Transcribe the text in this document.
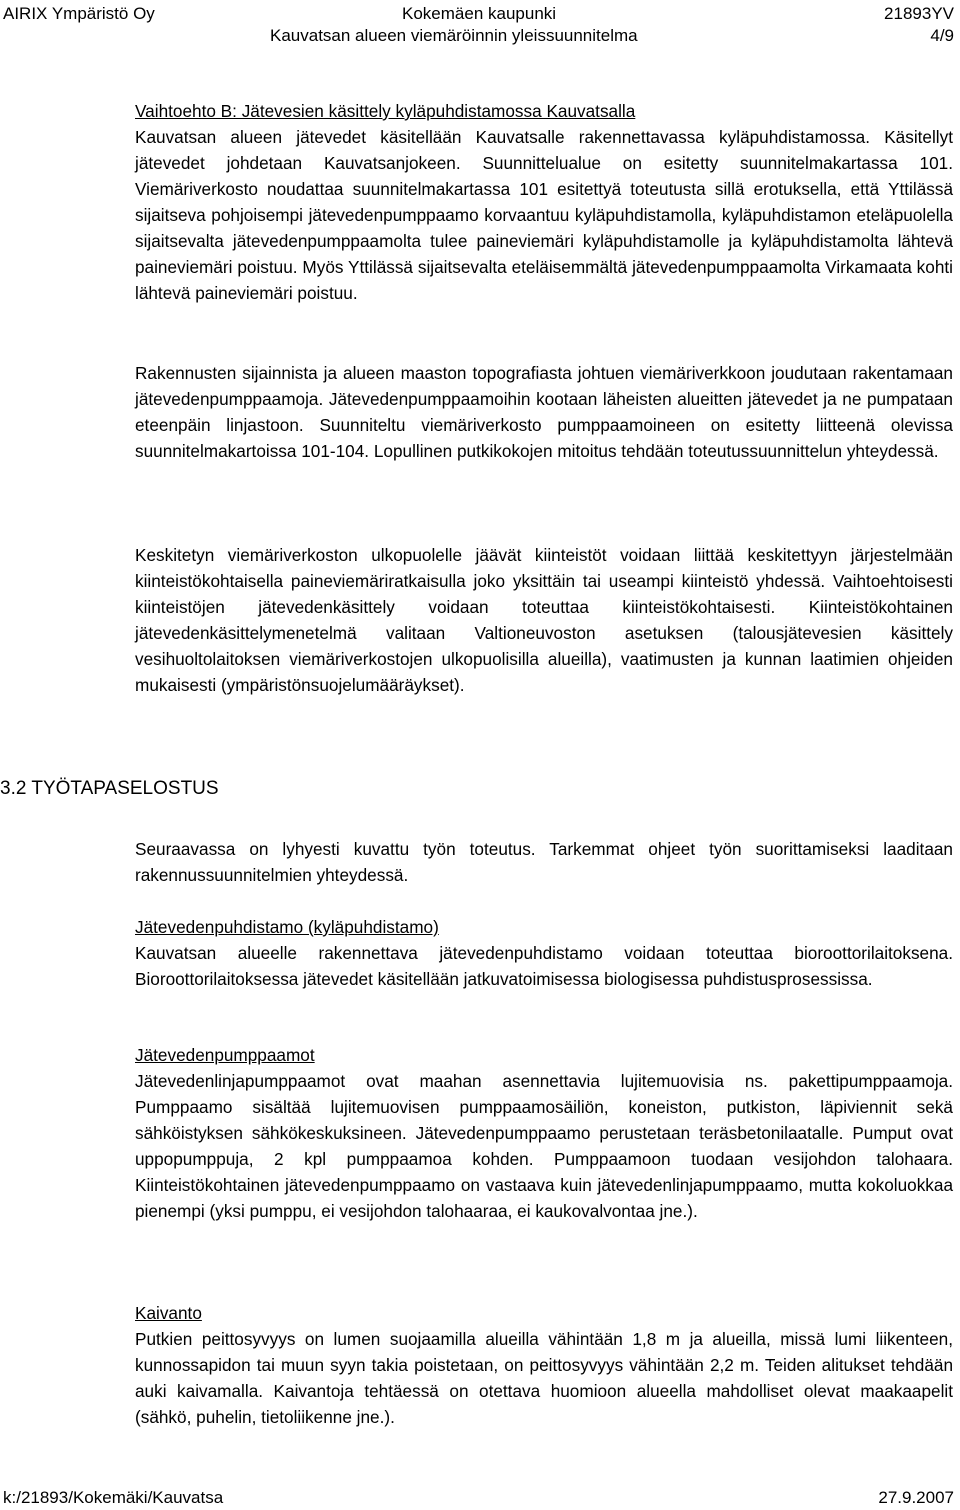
AIRIX Ympäristö Oy	Kokemäen kaupunki	21893YV
Kauvatsan alueen viemäröinnin yleissuunnitelma	4/9

Vaihtoehto B: Jätevesien käsittely kyläpuhdistamossa Kauvatsalla

Kauvatsan alueen jätevedet käsitellään Kauvatsalle rakennettavassa kyläpuhdistamossa. Käsitellyt jätevedet johdetaan Kauvatsanjokeen. Suunnittelualue on esitetty suunnitelmakartassa 101. Viemäriverkosto noudattaa suunnitelmakartassa 101 esitettyä toteutusta sillä erotuksella, että Yttilässä sijaitseva pohjoisempi jätevedenpumppaamo korvaantuu kyläpuhdistamolla, kyläpuhdistamon eteläpuolella sijaitsevalta jätevedenpumppaamolta tulee paineviemäri kyläpuhdistamolle ja kyläpuhdistamolta lähtevä paineviemäri poistuu. Myös Yttilässä sijaitsevalta eteläisemmältä jätevedenpumppaamolta Virkamaata kohti lähtevä paineviemäri poistuu.

Rakennusten sijainnista ja alueen maaston topografiasta johtuen viemäriverkkoon joudutaan rakentamaan jätevedenpumppaamoja. Jätevedenpumppaamoihin kootaan läheisten alueitten jätevedet ja ne pumpataan eteenpäin linjastoon. Suunniteltu viemäriverkosto pumppaamoineen on esitetty liitteenä olevissa suunnitelmakartoissa 101-104. Lopullinen putkikokojen mitoitus tehdään toteutussuunnittelun yhteydessä.

Keskitetyn viemäriverkoston ulkopuolelle jäävät kiinteistöt voidaan liittää keskitettyyn järjestelmään kiinteistökohtaisella paineviemäriratkaisulla joko yksittäin tai useampi kiinteistö yhdessä. Vaihtoehtoisesti kiinteistöjen jätevedenkäsittely voidaan toteuttaa kiinteistökohtaisesti. Kiinteistökohtainen jätevedenkäsittelymenetelmä valitaan Valtioneuvoston asetuksen (talousjätevesien käsittely vesihuoltolaitoksen viemäriverkostojen ulkopuolisilla alueilla), vaatimusten ja kunnan laatimien ohjeiden mukaisesti (ympäristönsuojelumääräykset).

3.2 TYÖTAPASELOSTUS

Seuraavassa on lyhyesti kuvattu työn toteutus. Tarkemmat ohjeet työn suorittamiseksi laaditaan rakennussuunnitelmien yhteydessä.

Jätevedenpuhdistamo (kyläpuhdistamo)

Kauvatsan alueelle rakennettava jätevedenpuhdistamo voidaan toteuttaa bioroottorilaitoksena. Bioroottorilaitoksessa jätevedet käsitellään jatkuvatoimisessa biologisessa puhdistusprosessissa.

Jätevedenpumppaamot

Jätevedenlinjapumppaamot ovat maahan asennettavia lujitemuovisia ns. pakettipumppaamoja. Pumppaamo sisältää lujitemuovisen pumppaamosäiliön, koneiston, putkiston, läpiviennit sekä sähköistyksen sähkökeskuksineen. Jätevedenpumppaamo perustetaan teräsbetonilaatalle. Pumput ovat uppopumppuja, 2 kpl pumppaamoa kohden. Pumppaamoon tuodaan vesijohdon talohaara. Kiinteistökohtainen jätevedenpumppaamo on vastaava kuin jätevedenlinjapumppaamo, mutta kokoluokkaa pienempi (yksi pumppu, ei vesijohdon talohaaraa, ei kaukovalvontaa jne.).

Kaivanto

Putkien peittosyvyys on lumen suojaamilla alueilla vähintään 1,8 m ja alueilla, missä lumi liikenteen, kunnossapidon tai muun syyn takia poistetaan, on peittosyvyys vähintään 2,2 m. Teiden alitukset tehdään auki kaivamalla. Kaivantoja tehtäessä on otettava huomioon alueella mahdolliset olevat maakaapelit (sähkö, puhelin, tietoliikenne jne.).

k:/21893/Kokemäki/Kauvatsa	27.9.2007
